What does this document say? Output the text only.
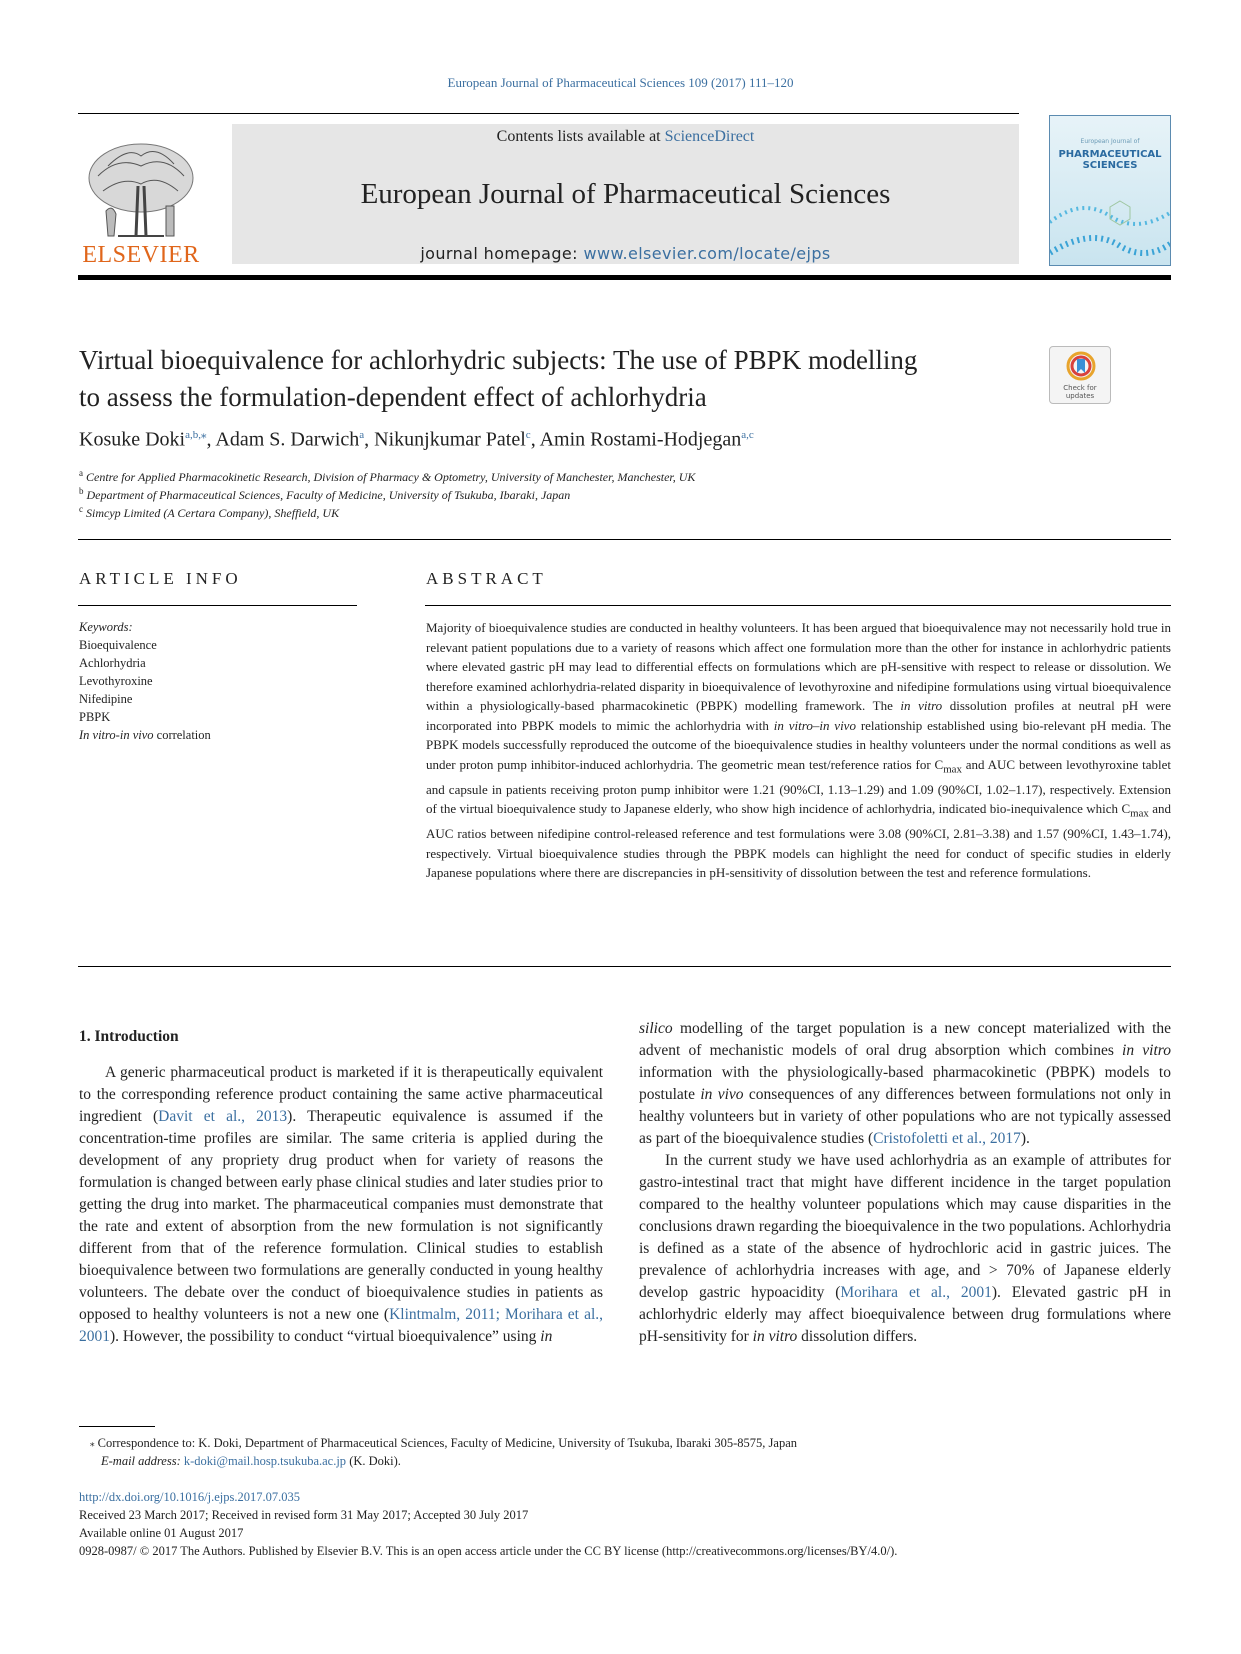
European Journal of Pharmaceutical Sciences 109 (2017) 111–120
ELSEVIER
Contents lists available at ScienceDirect
European Journal of Pharmaceutical Sciences
journal homepage: www.elsevier.com/locate/ejps
European Journal of
PHARMACEUTICAL
SCIENCES
Virtual bioequivalence for achlorhydric subjects: The use of PBPK modelling
to assess the formulation-dependent effect of achlorhydria	Check for updates
Kosuke Doki$^{a,b,⁎}$, Adam S. Darwich$^a$, Nikunjkumar Patel$^c$, Amin Rostami-Hodjegan$^{a,c}$
$^a$ Centre for Applied Pharmacokinetic Research, Division of Pharmacy & Optometry, University of Manchester, Manchester, UK
$^b$ Department of Pharmaceutical Sciences, Faculty of Medicine, University of Tsukuba, Ibaraki, Japan
$^c$ Simcyp Limited (A Certara Company), Sheffield, UK
ARTICLE INFO
Keywords:
Bioequivalence
Achlorhydria
Levothyroxine
Nifedipine
PBPK
In vitro-in vivo correlation
ABSTRACT
Majority of bioequivalence studies are conducted in healthy volunteers. It has been argued that bioequivalence may not necessarily hold true in relevant patient populations due to a variety of reasons which affect one formulation more than the other for instance in achlorhydric patients where elevated gastric pH may lead to differential effects on formulations which are pH-sensitive with respect to release or dissolution. We therefore examined achlorhydria-related disparity in bioequivalence of levothyroxine and nifedipine formulations using virtual bioequivalence within a physiologically-based pharmacokinetic (PBPK) modelling framework. The in vitro dissolution profiles at neutral pH were incorporated into PBPK models to mimic the achlorhydria with in vitro–in vivo relationship established using bio-relevant pH media. The PBPK models successfully reproduced the outcome of the bioequivalence studies in healthy volunteers under the normal conditions as well as under proton pump inhibitor-induced achlorhydria. The geometric mean test/reference ratios for $C_{max}$ and AUC between levothyroxine tablet and capsule in patients receiving proton pump inhibitor were 1.21 (90%CI, 1.13–1.29) and 1.09 (90%CI, 1.02–1.17), respectively. Extension of the virtual bioequivalence study to Japanese elderly, who show high incidence of achlorhydria, indicated bio-inequivalence which $C_{max}$ and AUC ratios between nifedipine control-released reference and test formulations were 3.08 (90%CI, 2.81–3.38) and 1.57 (90%CI, 1.43–1.74), respectively. Virtual bioequivalence studies through the PBPK models can highlight the need for conduct of specific studies in elderly Japanese populations where there are discrepancies in pH-sensitivity of dissolution between the test and reference formulations.
1. Introduction

A generic pharmaceutical product is marketed if it is therapeutically equivalent to the corresponding reference product containing the same active pharmaceutical ingredient (Davit et al., 2013). Therapeutic equivalence is assumed if the concentration-time profiles are similar. The same criteria is applied during the development of any propriety drug product when for variety of reasons the formulation is changed between early phase clinical studies and later studies prior to getting the drug into market. The pharmaceutical companies must demonstrate that the rate and extent of absorption from the new formulation is not significantly different from that of the reference formulation. Clinical studies to establish bioequivalence between two formulations are generally conducted in young healthy volunteers. The debate over the conduct of bioequivalence studies in patients as opposed to healthy volunteers is not a new one (Klintmalm, 2011; Morihara et al., 2001). However, the possibility to conduct “virtual bioequivalence” using in

silico modelling of the target population is a new concept materialized with the advent of mechanistic models of oral drug absorption which combines in vitro information with the physiologically-based pharmacokinetic (PBPK) models to postulate in vivo consequences of any differences between formulations not only in healthy volunteers but in variety of other populations who are not typically assessed as part of the bioequivalence studies (Cristofoletti et al., 2017).

In the current study we have used achlorhydria as an example of attributes for gastro-intestinal tract that might have different incidence in the target population compared to the healthy volunteer populations which may cause disparities in the conclusions drawn regarding the bioequivalence in the two populations. Achlorhydria is defined as a state of the absence of hydrochloric acid in gastric juices. The prevalence of achlorhydria increases with age, and > 70% of Japanese elderly develop gastric hypoacidity (Morihara et al., 2001). Elevated gastric pH in achlorhydric elderly may affect bioequivalence between drug formulations where pH-sensitivity for in vitro dissolution differs.

⁎ Correspondence to: K. Doki, Department of Pharmaceutical Sciences, Faculty of Medicine, University of Tsukuba, Ibaraki 305-8575, Japan
E-mail address: k-doki@mail.hosp.tsukuba.ac.jp (K. Doki).
http://dx.doi.org/10.1016/j.ejps.2017.07.035
Received 23 March 2017; Received in revised form 31 May 2017; Accepted 30 July 2017
Available online 01 August 2017
0928-0987/ © 2017 The Authors. Published by Elsevier B.V. This is an open access article under the CC BY license (http://creativecommons.org/licenses/BY/4.0/).
